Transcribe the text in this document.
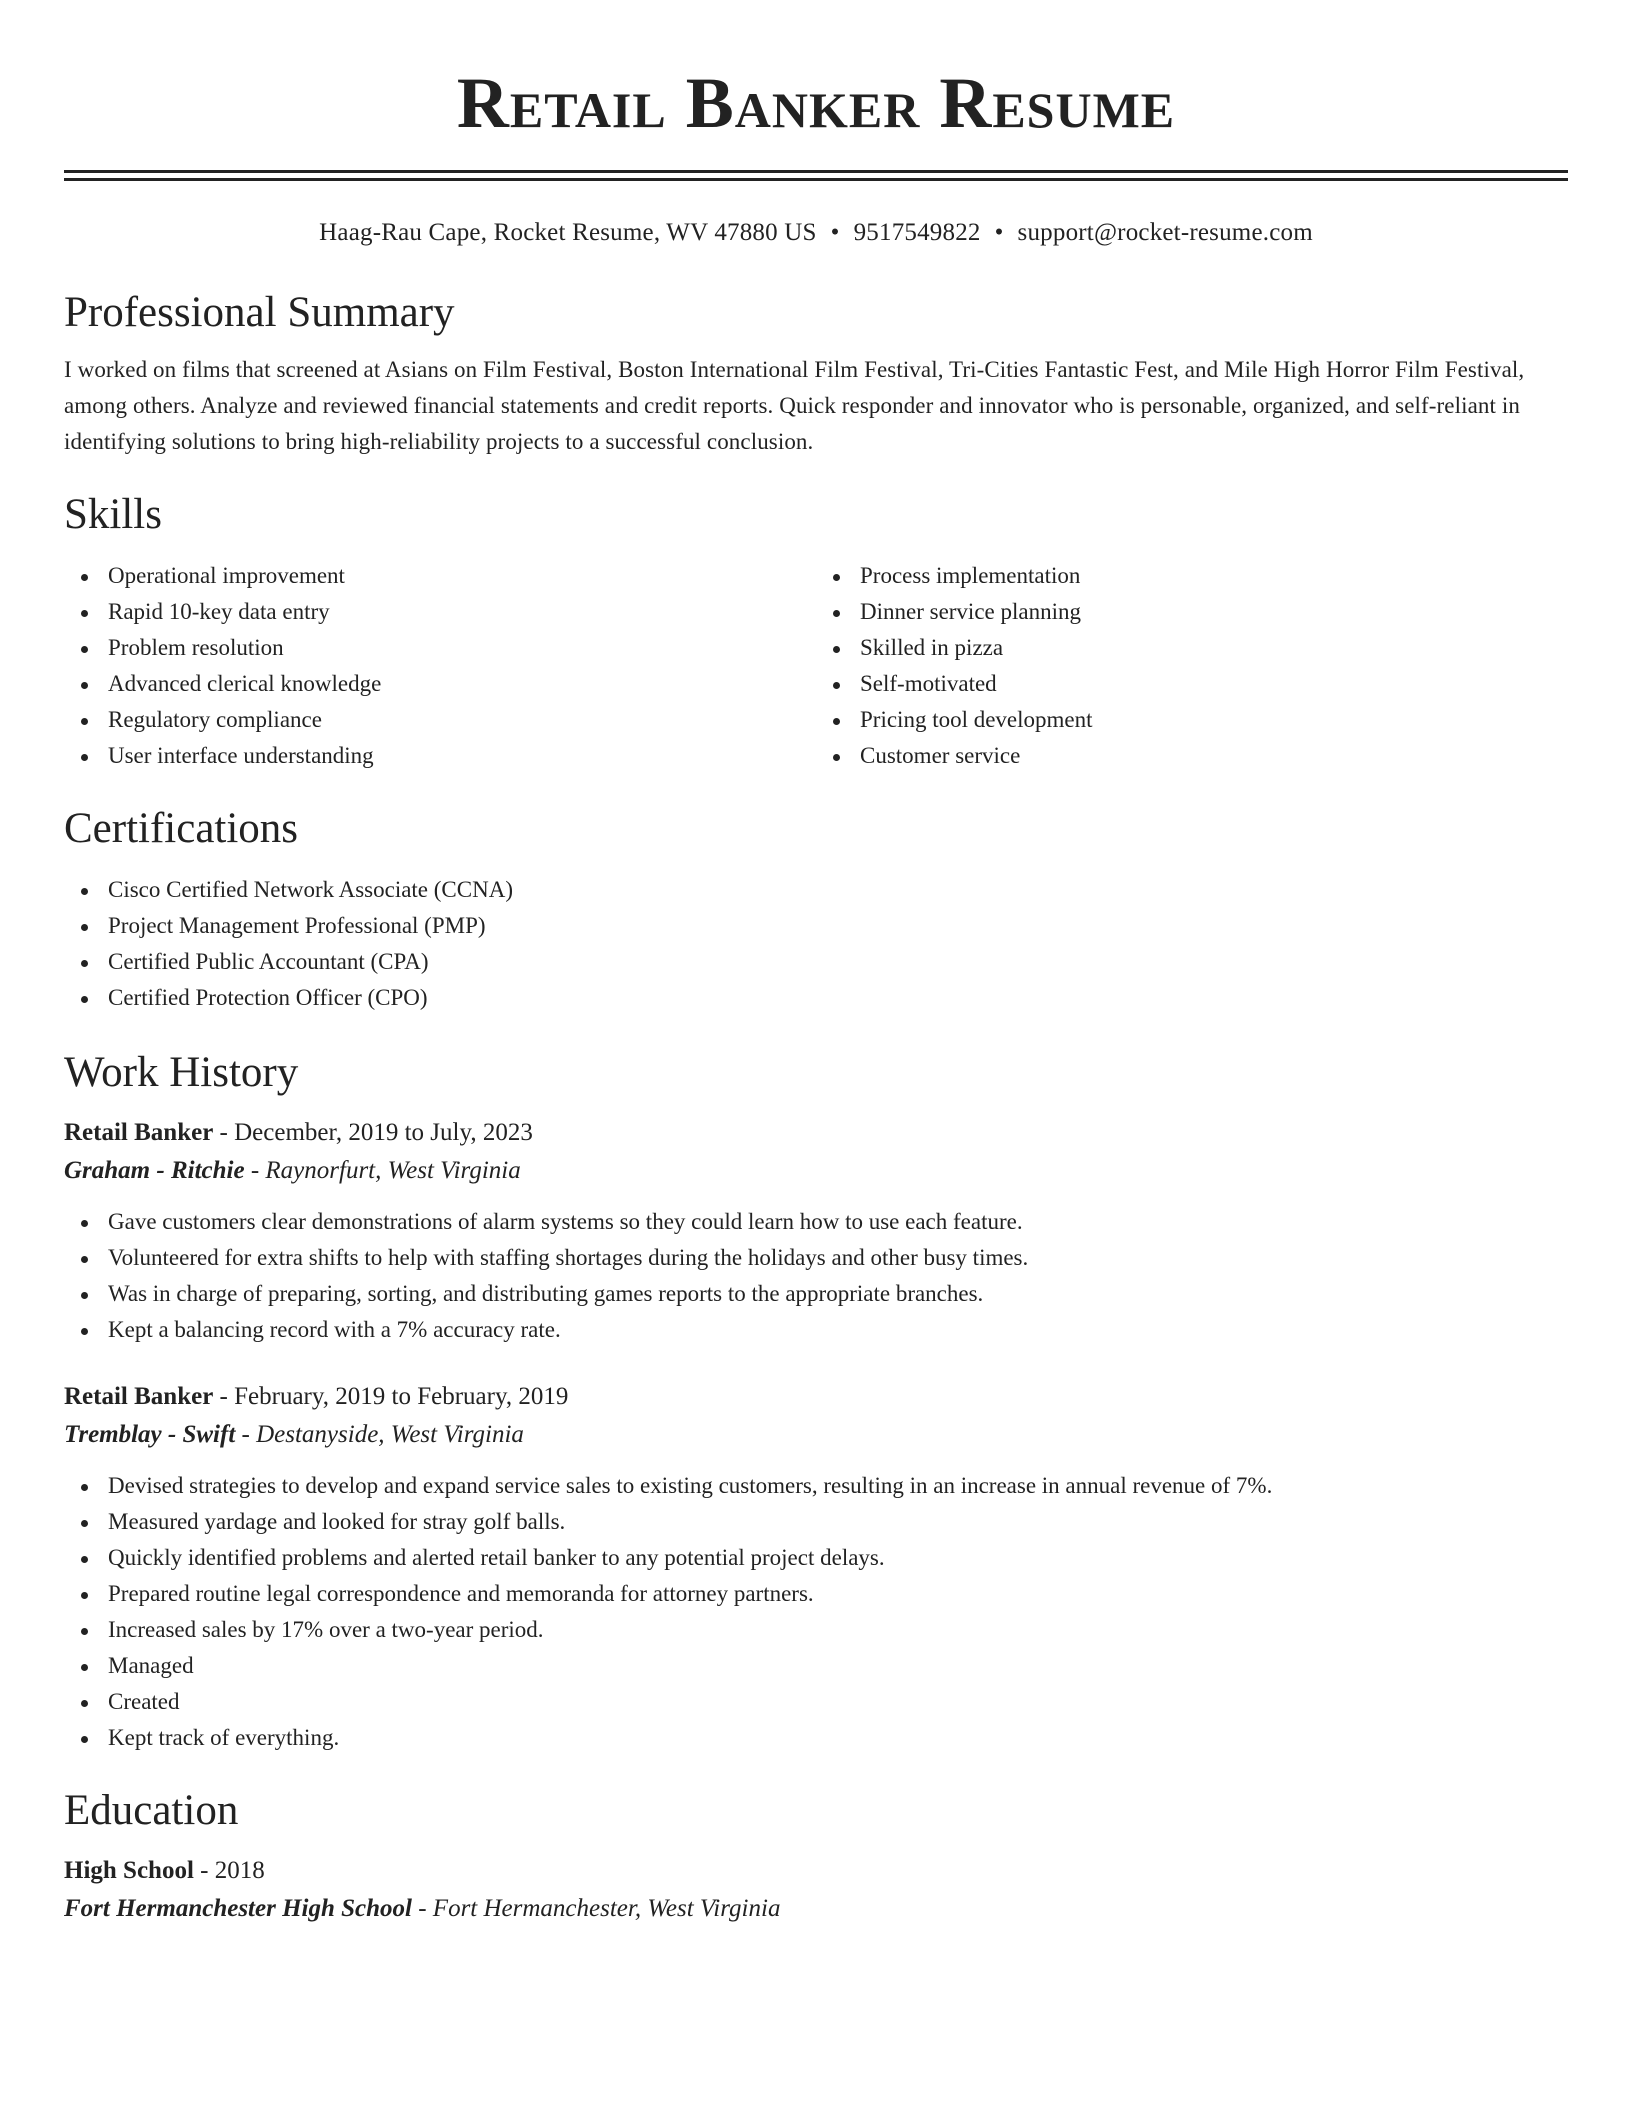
Retail Banker Resume
Haag-Rau Cape, Rocket Resume, WV 47880 US • 9517549822 • support@rocket-resume.com
Professional Summary

I worked on films that screened at Asians on Film Festival, Boston International Film Festival, Tri-Cities Fantastic Fest, and Mile High Horror Film Festival, among others. Analyze and reviewed financial statements and credit reports. Quick responder and innovator who is personable, organized, and self-reliant in identifying solutions to bring high-reliability projects to a successful conclusion.

Skills
Operational improvement
Rapid 10-key data entry
Problem resolution
Advanced clerical knowledge
Regulatory compliance
User interface understanding
Process implementation
Dinner service planning
Skilled in pizza
Self-motivated
Pricing tool development
Customer service
Certifications
Cisco Certified Network Associate (CCNA)
Project Management Professional (PMP)
Certified Public Accountant (CPA)
Certified Protection Officer (CPO)
Work History
Retail Banker - December, 2019 to July, 2023
Graham - Ritchie - Raynorfurt, West Virginia
Gave customers clear demonstrations of alarm systems so they could learn how to use each feature.
Volunteered for extra shifts to help with staffing shortages during the holidays and other busy times.
Was in charge of preparing, sorting, and distributing games reports to the appropriate branches.
Kept a balancing record with a 7% accuracy rate.
Retail Banker - February, 2019 to February, 2019
Tremblay - Swift - Destanyside, West Virginia
Devised strategies to develop and expand service sales to existing customers, resulting in an increase in annual revenue of 7%.
Measured yardage and looked for stray golf balls.
Quickly identified problems and alerted retail banker to any potential project delays.
Prepared routine legal correspondence and memoranda for attorney partners.
Increased sales by 17% over a two-year period.
Managed
Created
Kept track of everything.
Education
High School - 2018
Fort Hermanchester High School - Fort Hermanchester, West Virginia
